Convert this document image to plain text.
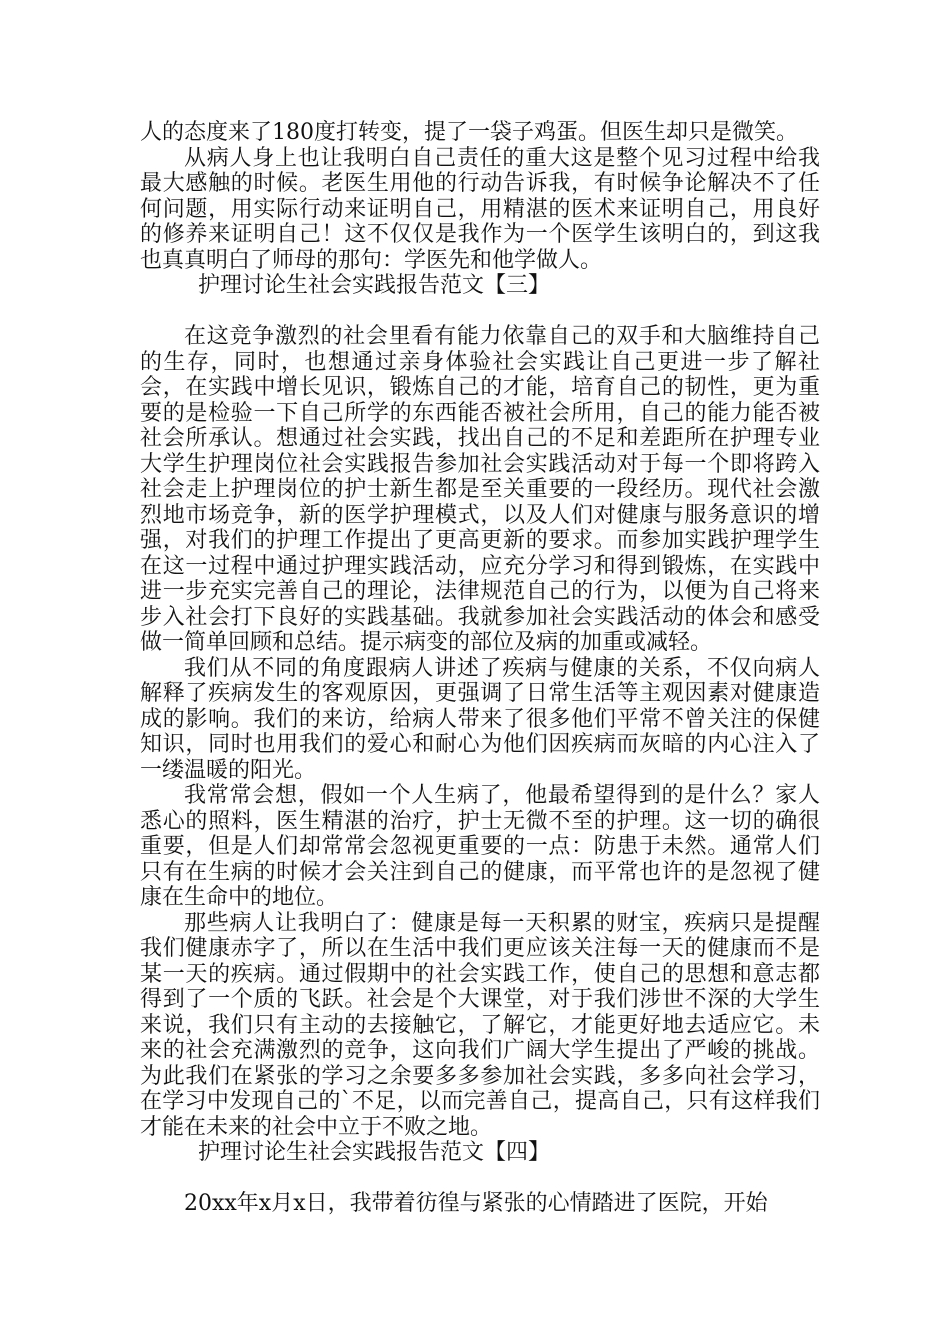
人的态度来了180度打转变，提了一袋子鸡蛋。但医生却只是微笑。

从病人身上也让我明白自己责任的重大这是整个见习过程中给我最大感触的时候。老医生用他的行动告诉我，有时候争论解决不了任何问题，用实际行动来证明自己，用精湛的医术来证明自己，用良好的修养来证明自己！这不仅仅是我作为一个医学生该明白的，到这我也真真明白了师母的那句：学医先和他学做人。

护理讨论生社会实践报告范文【三】

在这竞争激烈的社会里看有能力依靠自己的双手和大脑维持自己的生存，同时，也想通过亲身体验社会实践让自己更进一步了解社会，在实践中增长见识，锻炼自己的才能，培育自己的韧性，更为重要的是检验一下自己所学的东西能否被社会所用，自己的能力能否被社会所承认。想通过社会实践，找出自己的不足和差距所在护理专业大学生护理岗位社会实践报告参加社会实践活动对于每一个即将跨入社会走上护理岗位的护士新生都是至关重要的一段经历。现代社会激烈地市场竞争，新的医学护理模式，以及人们对健康与服务意识的增强，对我们的护理工作提出了更高更新的要求。而参加实践护理学生在这一过程中通过护理实践活动，应充分学习和得到锻炼，在实践中进一步充实完善自己的理论，法律规范自己的行为，以便为自己将来步入社会打下良好的实践基础。我就参加社会实践活动的体会和感受做一简单回顾和总结。提示病变的部位及病的加重或减轻。

我们从不同的角度跟病人讲述了疾病与健康的关系，不仅向病人解释了疾病发生的客观原因，更强调了日常生活等主观因素对健康造成的影响。我们的来访，给病人带来了很多他们平常不曾关注的保健知识，同时也用我们的爱心和耐心为他们因疾病而灰暗的内心注入了一缕温暖的阳光。

我常常会想，假如一个人生病了，他最希望得到的是什么？家人悉心的照料，医生精湛的治疗，护士无微不至的护理。这一切的确很重要，但是人们却常常会忽视更重要的一点：防患于未然。通常人们只有在生病的时候才会关注到自己的健康，而平常也许的是忽视了健康在生命中的地位。

那些病人让我明白了：健康是每一天积累的财宝，疾病只是提醒我们健康赤字了，所以在生活中我们更应该关注每一天的健康而不是某一天的疾病。通过假期中的社会实践工作，使自己的思想和意志都得到了一个质的飞跃。社会是个大课堂，对于我们涉世不深的大学生来说，我们只有主动的去接触它，了解它，才能更好地去适应它。未来的社会充满激烈的竞争，这向我们广阔大学生提出了严峻的挑战。为此我们在紧张的学习之余要多多参加社会实践，多多向社会学习，在学习中发现自己的`不足，以而完善自己，提高自己，只有这样我们才能在未来的社会中立于不败之地。

护理讨论生社会实践报告范文【四】

20xx年x月x日，我带着彷徨与紧张的心情踏进了医院，开始
